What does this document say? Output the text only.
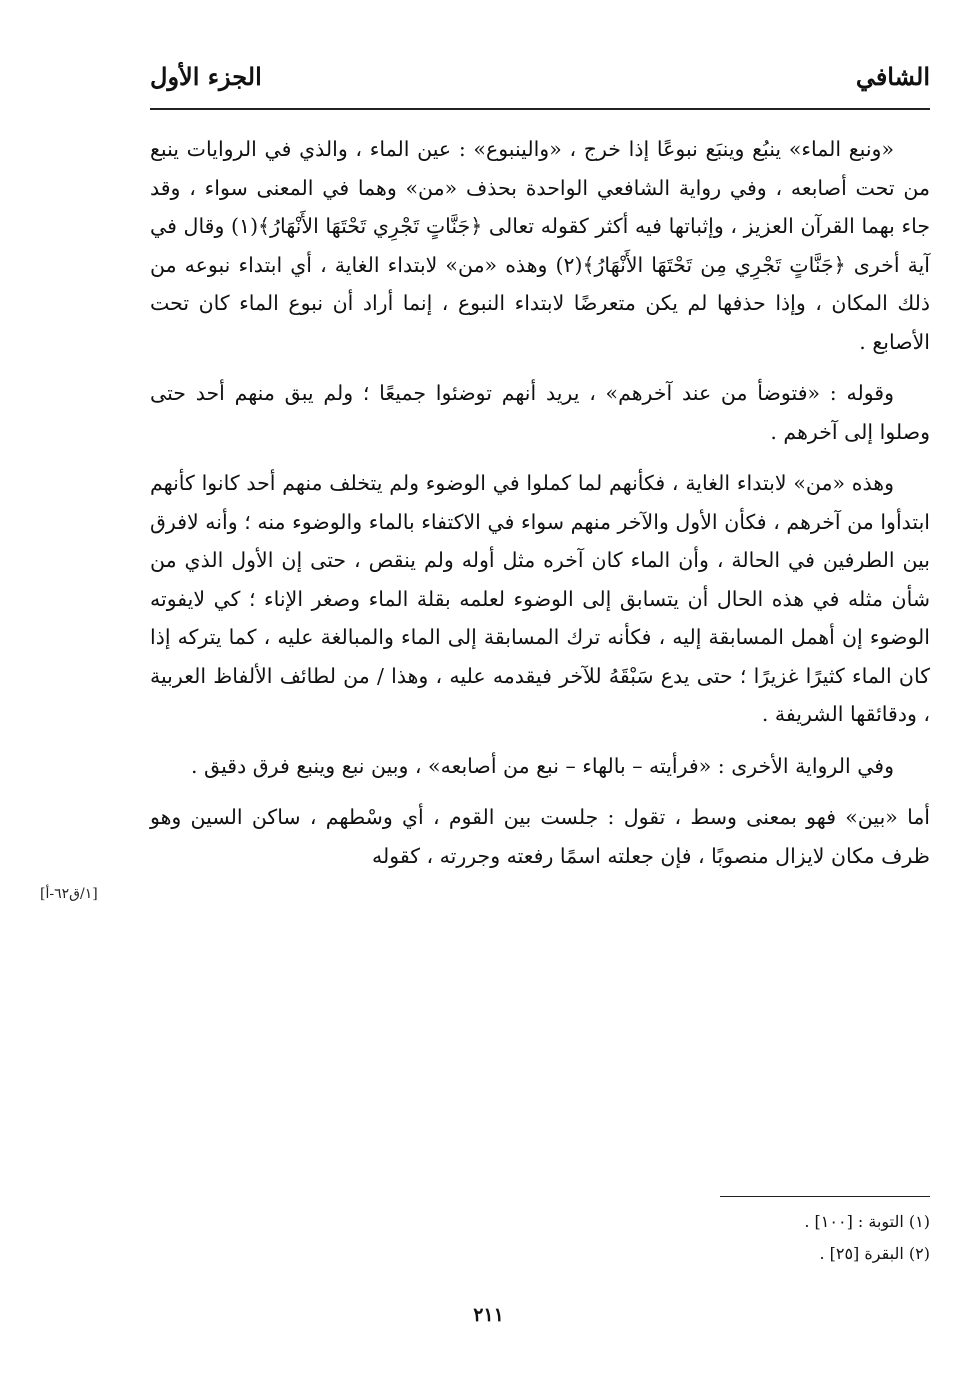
الشافي
الجزء الأول

«ونبع الماء» ينبُع وينبَع نبوعًا إذا خرج ، «والينبوع» : عين الماء ، والذي في الروايات ينبع من تحت أصابعه ، وفي رواية الشافعي الواحدة بحذف «من» وهما في المعنى سواء ، وقد جاء بهما القرآن العزيز ، وإثباتها فيه أكثر كقوله تعالى ﴿جَنَّاتٍ تَجْرِي تَحْتَهَا الأَنْهَارُ﴾(١) وقال في آية أخرى ﴿جَنَّاتٍ تَجْرِي مِن تَحْتَهَا الأَنْهَارُ﴾(٢) وهذه «من» لابتداء الغاية ، أي ابتداء نبوعه من ذلك المكان ، وإذا حذفها لم يكن متعرضًا لابتداء النبوع ، إنما أراد أن نبوع الماء كان تحت الأصابع .

وقوله : «فتوضأ من عند آخرهم» ، يريد أنهم توضئوا جميعًا ؛ ولم يبق منهم أحد حتى وصلوا إلى آخرهم .

وهذه «من» لابتداء الغاية ، فكأنهم لما كملوا في الوضوء ولم يتخلف منهم أحد كانوا كأنهم ابتدأوا من آخرهم ، فكأن الأول والآخر منهم سواء في الاكتفاء بالماء والوضوء منه ؛ وأنه لافرق بين الطرفين في الحالة ، وأن الماء كان آخره مثل أوله ولم ينقص ، حتى إن الأول الذي من شأن مثله في هذه الحال أن يتسابق إلى الوضوء لعلمه بقلة الماء وصغر الإناء ؛ كي لايفوته الوضوء إن أهمل المسابقة إليه ، فكأنه ترك المسابقة إلى الماء والمبالغة عليه ، كما يتركه إذا كان الماء كثيرًا غزيرًا ؛ حتى يدع سَبْقَهُ للآخر فيقدمه عليه ، وهذا / من لطائف الألفاظ العربية ، ودقائقها الشريفة .

وفي الرواية الأخرى : «فرأيته – بالهاء – نبع من أصابعه» ، وبين نبع وينبع فرق دقيق .

أما «بين» فهو بمعنى وسط ، تقول : جلست بين القوم ، أي وسْطهم ، ساكن السين وهو ظرف مكان لايزال منصوبًا ، فإن جعلته اسمًا رفعته وجررته ، كقوله

[١/ق٦٢-أ]
(١) التوبة : [١٠٠] .
(٢) البقرة [٢٥] .
٢١١
